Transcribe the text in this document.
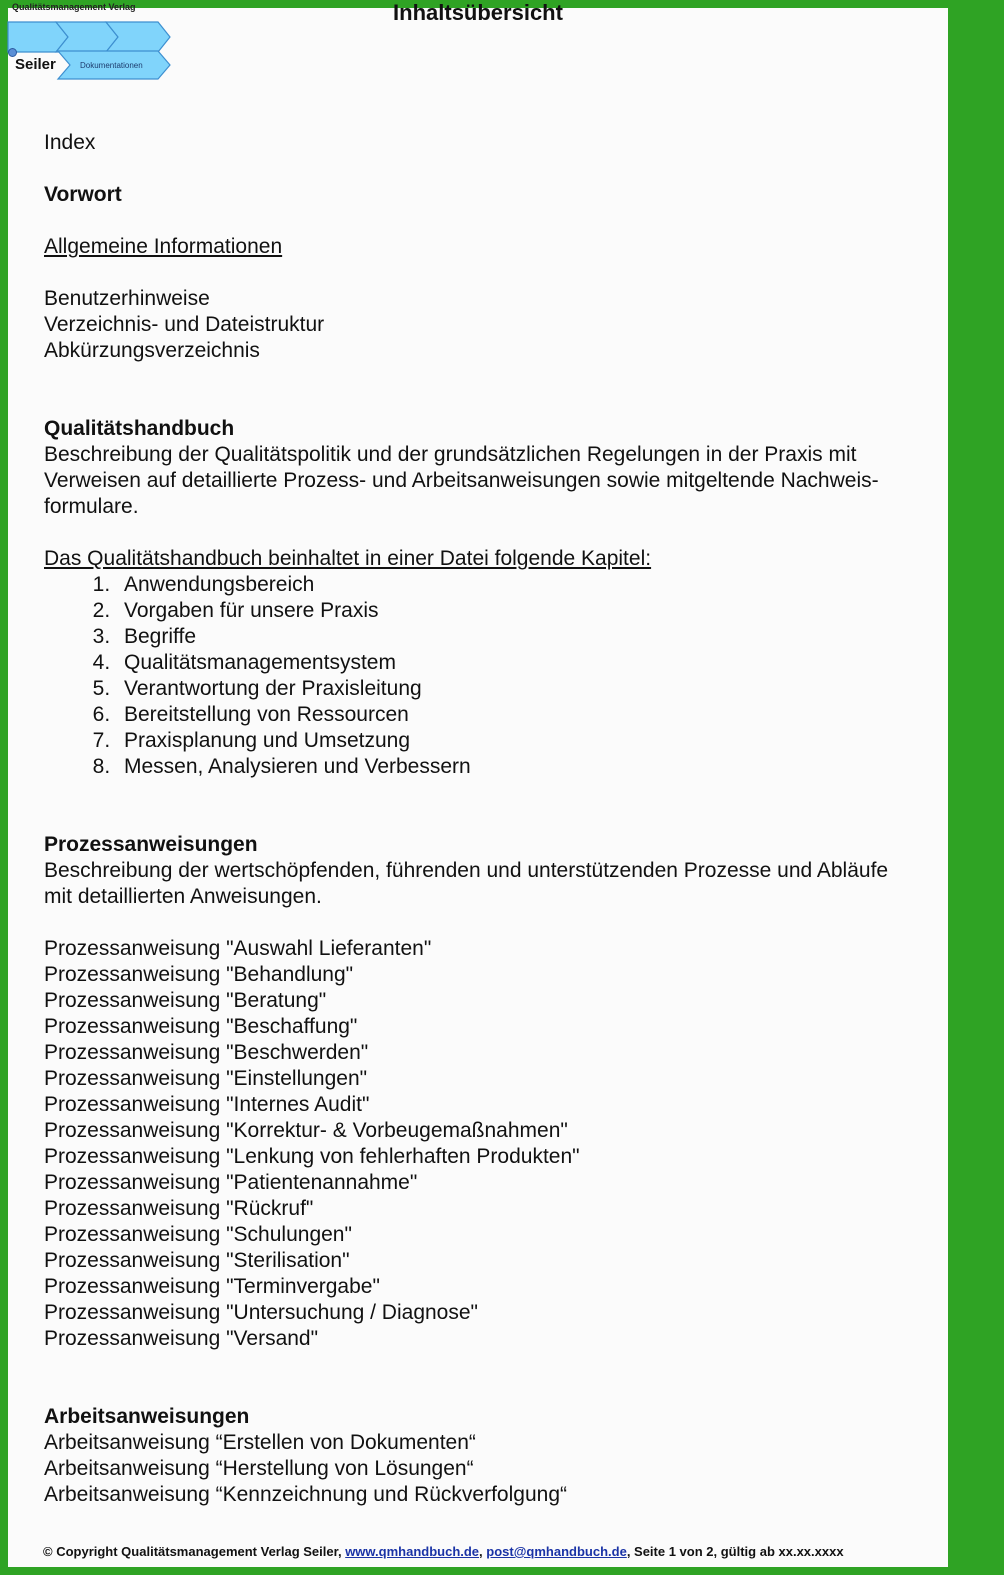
Qualitätsmanagement Verlag
Seiler	Dokumentationen
Inhaltsübersicht
Index
Vorwort
Allgemeine Informationen
Benutzerhinweise
Verzeichnis- und Dateistruktur
Abkürzungsverzeichnis
Qualitätshandbuch
Beschreibung der Qualitätspolitik und der grundsätzlichen Regelungen in der Praxis mit
Verweisen auf detaillierte Prozess- und Arbeitsanweisungen sowie mitgeltende Nachweis-
formulare.
Das Qualitätshandbuch beinhaltet in einer Datei folgende Kapitel:
1. Anwendungsbereich
2. Vorgaben für unsere Praxis
3. Begriffe
4. Qualitätsmanagementsystem
5. Verantwortung der Praxisleitung
6. Bereitstellung von Ressourcen
7. Praxisplanung und Umsetzung
8. Messen, Analysieren und Verbessern
Prozessanweisungen
Beschreibung der wertschöpfenden, führenden und unterstützenden Prozesse und Abläufe
mit detaillierten Anweisungen.
Prozessanweisung "Auswahl Lieferanten"
Prozessanweisung "Behandlung"
Prozessanweisung "Beratung"
Prozessanweisung "Beschaffung"
Prozessanweisung "Beschwerden"
Prozessanweisung "Einstellungen"
Prozessanweisung "Internes Audit"
Prozessanweisung "Korrektur- & Vorbeugemaßnahmen"
Prozessanweisung "Lenkung von fehlerhaften Produkten"
Prozessanweisung "Patientenannahme"
Prozessanweisung "Rückruf"
Prozessanweisung "Schulungen"
Prozessanweisung "Sterilisation"
Prozessanweisung "Terminvergabe"
Prozessanweisung "Untersuchung / Diagnose"
Prozessanweisung "Versand"
Arbeitsanweisungen
Arbeitsanweisung “Erstellen von Dokumenten“
Arbeitsanweisung “Herstellung von Lösungen“
Arbeitsanweisung “Kennzeichnung und Rückverfolgung“
© Copyright Qualitätsmanagement Verlag Seiler, www.qmhandbuch.de, post@qmhandbuch.de, Seite 1 von 2, gültig ab xx.xx.xxxx
